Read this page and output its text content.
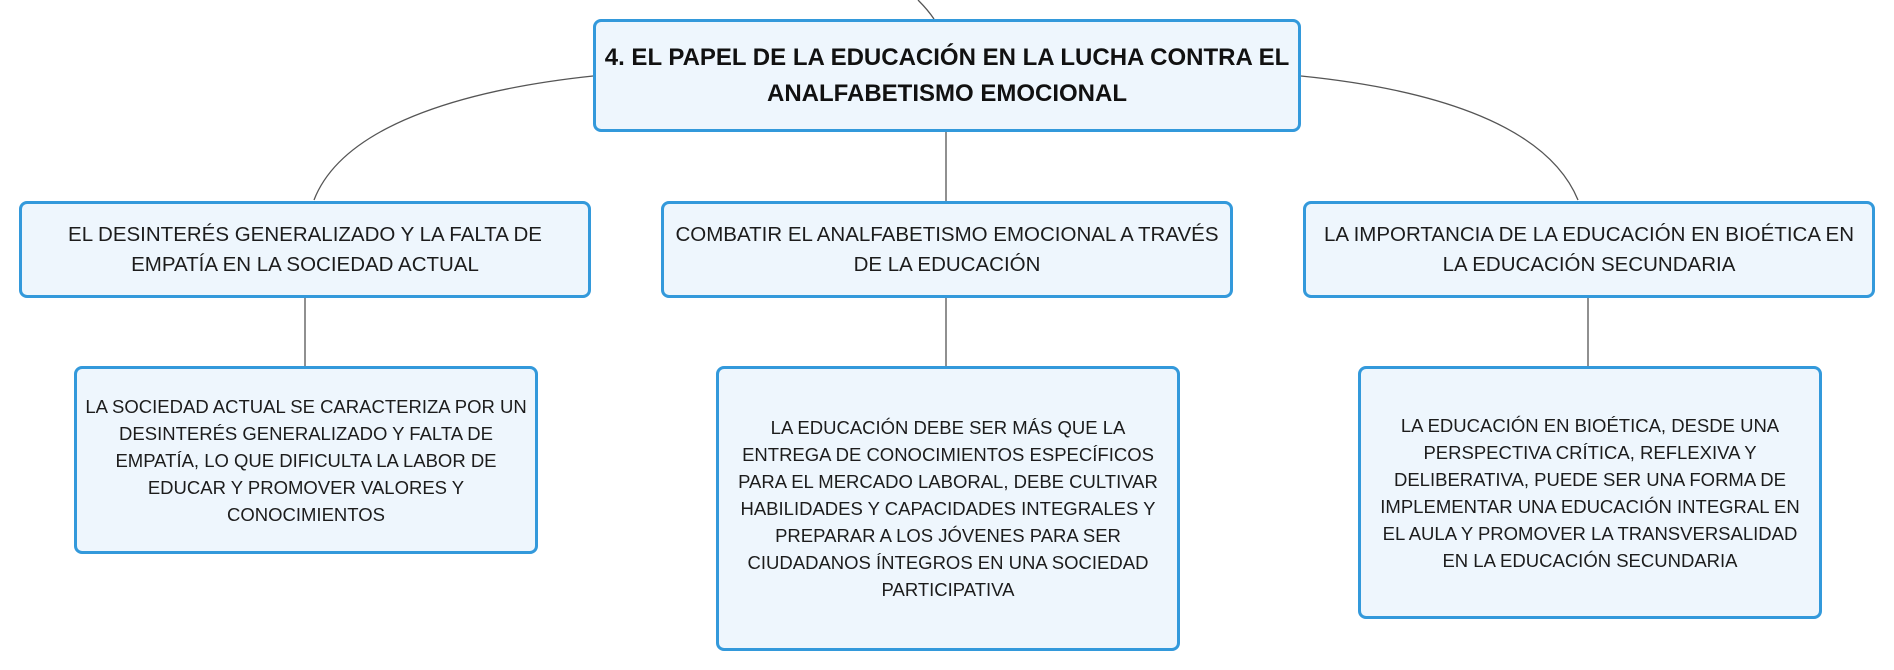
4. EL PAPEL DE LA EDUCACIÓN EN LA LUCHA CONTRA EL ANALFABETISMO EMOCIONAL
EL DESINTERÉS GENERALIZADO Y LA FALTA DE EMPATÍA EN LA SOCIEDAD ACTUAL
COMBATIR EL ANALFABETISMO EMOCIONAL A TRAVÉS DE LA EDUCACIÓN
LA IMPORTANCIA DE LA EDUCACIÓN EN BIOÉTICA EN LA EDUCACIÓN SECUNDARIA
LA SOCIEDAD ACTUAL SE CARACTERIZA POR UN DESINTERÉS GENERALIZADO Y FALTA DE EMPATÍA, LO QUE DIFICULTA LA LABOR DE EDUCAR Y PROMOVER VALORES Y CONOCIMIENTOS
LA EDUCACIÓN DEBE SER MÁS QUE LA ENTREGA DE CONOCIMIENTOS ESPECÍFICOS PARA EL MERCADO LABORAL, DEBE CULTIVAR HABILIDADES Y CAPACIDADES INTEGRALES Y PREPARAR A LOS JÓVENES PARA SER CIUDADANOS ÍNTEGROS EN UNA SOCIEDAD PARTICIPATIVA
LA EDUCACIÓN EN BIOÉTICA, DESDE UNA PERSPECTIVA CRÍTICA, REFLEXIVA Y DELIBERATIVA, PUEDE SER UNA FORMA DE IMPLEMENTAR UNA EDUCACIÓN INTEGRAL EN EL AULA Y PROMOVER LA TRANSVERSALIDAD EN LA EDUCACIÓN SECUNDARIA
